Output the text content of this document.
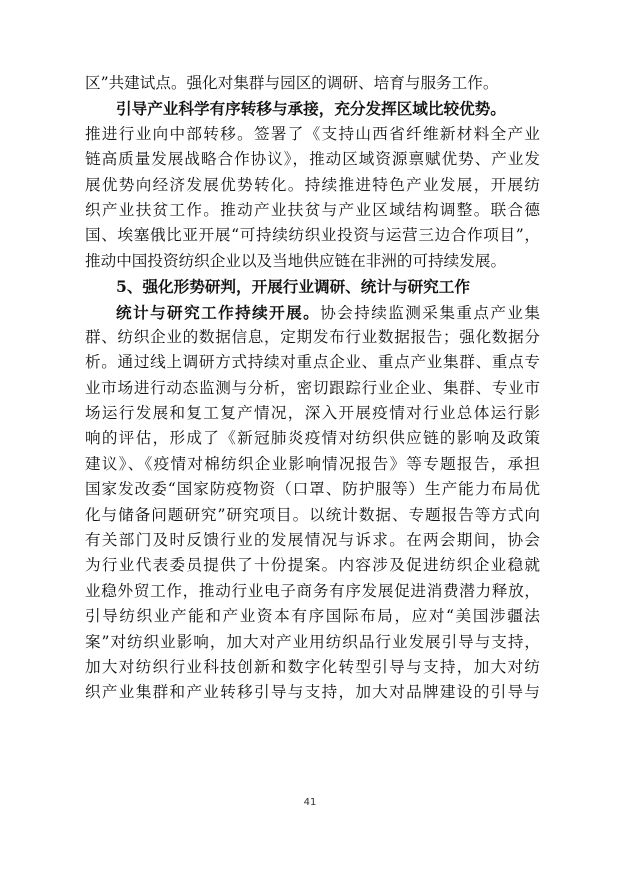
区”共建试点。强化对集群与园区的调研、培育与服务工作。
引导产业科学有序转移与承接，充分发挥区域比较优势。
推进行业向中部转移。签署了《支持山西省纤维新材料全产业
链高质量发展战略合作协议》，推动区域资源禀赋优势、产业发
展优势向经济发展优势转化。持续推进特色产业发展，开展纺
织产业扶贫工作。推动产业扶贫与产业区域结构调整。联合德
国、埃塞俄比亚开展“可持续纺织业投资与运营三边合作项目”，
推动中国投资纺织企业以及当地供应链在非洲的可持续发展。
5、强化形势研判，开展行业调研、统计与研究工作
统计与研究工作持续开展。协会持续监测采集重点产业集
群、纺织企业的数据信息，定期发布行业数据报告；强化数据分
析。通过线上调研方式持续对重点企业、重点产业集群、重点专
业市场进行动态监测与分析，密切跟踪行业企业、集群、专业市
场运行发展和复工复产情况，深入开展疫情对行业总体运行影
响的评估，形成了《新冠肺炎疫情对纺织供应链的影响及政策
建议》、《疫情对棉纺织企业影响情况报告》等专题报告，承担
国家发改委“国家防疫物资（口罩、防护服等）生产能力布局优
化与储备问题研究”研究项目。以统计数据、专题报告等方式向
有关部门及时反馈行业的发展情况与诉求。在两会期间，协会
为行业代表委员提供了十份提案。内容涉及促进纺织企业稳就
业稳外贸工作，推动行业电子商务有序发展促进消费潜力释放，
引导纺织业产能和产业资本有序国际布局，应对“美国涉疆法
案”对纺织业影响，加大对产业用纺织品行业发展引导与支持，
加大对纺织行业科技创新和数字化转型引导与支持，加大对纺
织产业集群和产业转移引导与支持，加大对品牌建设的引导与
41
